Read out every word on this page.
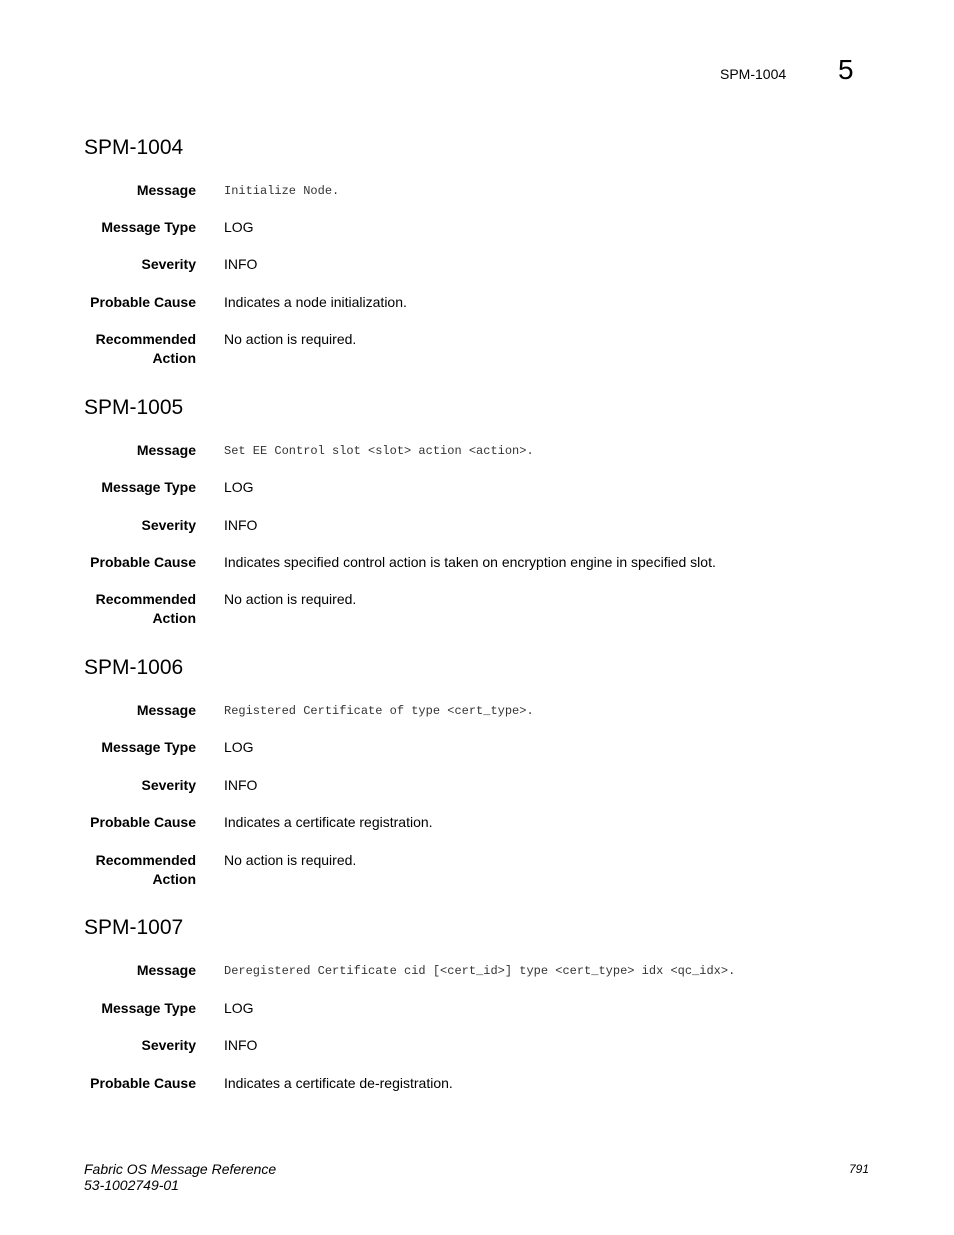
SPM-1004 5
SPM-1004
Message Initialize Node.
Message Type LOG
Severity INFO
Probable Cause Indicates a node initialization.
Recommended
Action
No action is required.
SPM-1005
Message Set EE Control slot <slot> action <action>.
Message Type LOG
Severity INFO
Probable Cause Indicates specified control action is taken on encryption engine in specified slot.
Recommended
Action
No action is required.
SPM-1006
Message Registered Certificate of type <cert_type>.
Message Type LOG
Severity INFO
Probable Cause Indicates a certificate registration.
Recommended
Action
No action is required.
SPM-1007
Message Deregistered Certificate cid [<cert_id>] type <cert_type> idx <qc_idx>.
Message Type LOG
Severity INFO
Probable Cause Indicates a certificate de-registration.
Fabric OS Message Reference
53-1002749-01
791
